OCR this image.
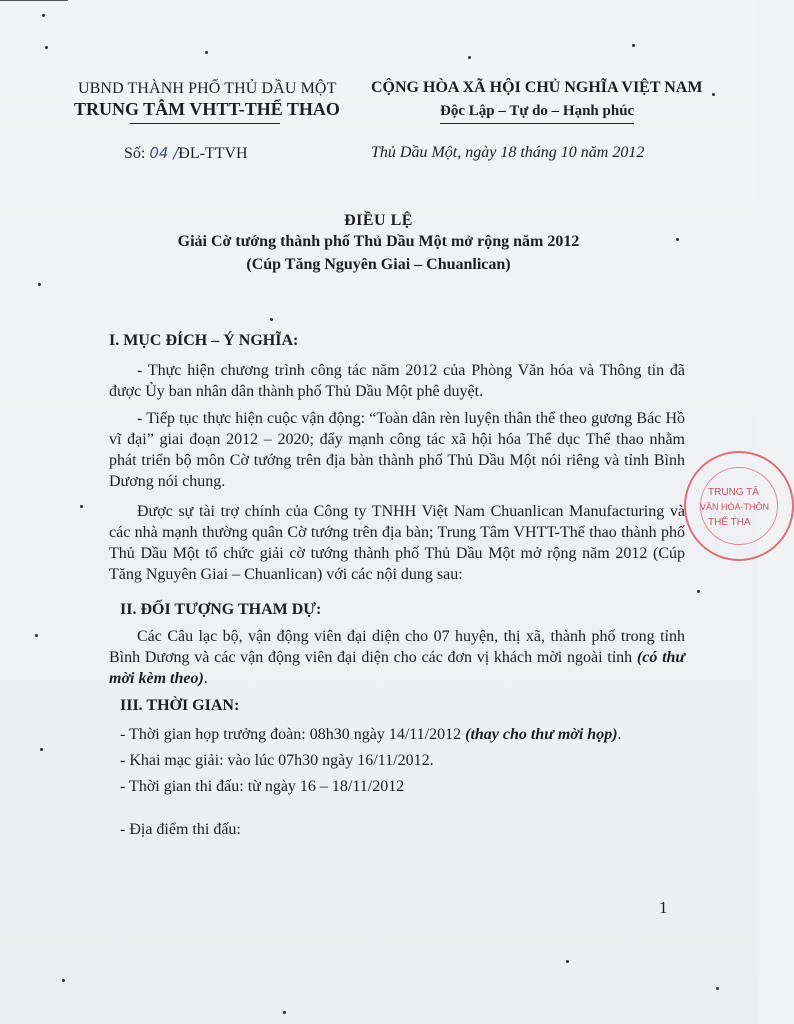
UBND THÀNH PHỐ THỦ DẦU MỘT
TRUNG TÂM VHTT-THỂ THAO
CỘNG HÒA XÃ HỘI CHỦ NGHĨA VIỆT NAM
Độc Lập – Tự do – Hạnh phúc
Số: 04 /ĐL-TTVH	Thủ Dầu Một, ngày 18 tháng 10 năm 2012
ĐIỀU LỆ
Giải Cờ tướng thành phố Thủ Dầu Một mở rộng năm 2012
(Cúp Tăng Nguyên Giai – Chuanlican)
I. MỤC ĐÍCH – Ý NGHĨA:
- Thực hiện chương trình công tác năm 2012 của Phòng Văn hóa và Thông tin đã được Ủy ban nhân dân thành phố Thủ Dầu Một phê duyệt.
- Tiếp tục thực hiện cuộc vận động: “Toàn dân rèn luyện thân thể theo gương Bác Hồ vĩ đại” giai đoạn 2012 – 2020; đẩy mạnh công tác xã hội hóa Thể dục Thể thao nhằm phát triển bộ môn Cờ tướng trên địa bàn thành phố Thủ Dầu Một nói riêng và tỉnh Bình Dương nói chung.
Được sự tài trợ chính của Công ty TNHH Việt Nam Chuanlican Manufacturing và các nhà mạnh thường quân Cờ tướng trên địa bàn; Trung Tâm VHTT-Thể thao thành phố Thủ Dầu Một tổ chức giải cờ tướng thành phố Thủ Dầu Một mở rộng năm 2012 (Cúp Tăng Nguyên Giai – Chuanlican) với các nội dung sau:
II. ĐỐI TƯỢNG THAM DỰ:
Các Câu lạc bộ, vận động viên đại diện cho 07 huyện, thị xã, thành phố trong tỉnh Bình Dương và các vận động viên đại diện cho các đơn vị khách mời ngoài tỉnh (có thư mời kèm theo).
III. THỜI GIAN:
- Thời gian họp trưởng đoàn: 08h30 ngày 14/11/2012 (thay cho thư mời họp).
- Khai mạc giải: vào lúc 07h30 ngày 16/11/2012.
- Thời gian thi đấu: từ ngày 16 – 18/11/2012
- Địa điểm thi đấu:
TRUNG TÂ
VĂN HÓA-THÔN
THỂ THA
1
